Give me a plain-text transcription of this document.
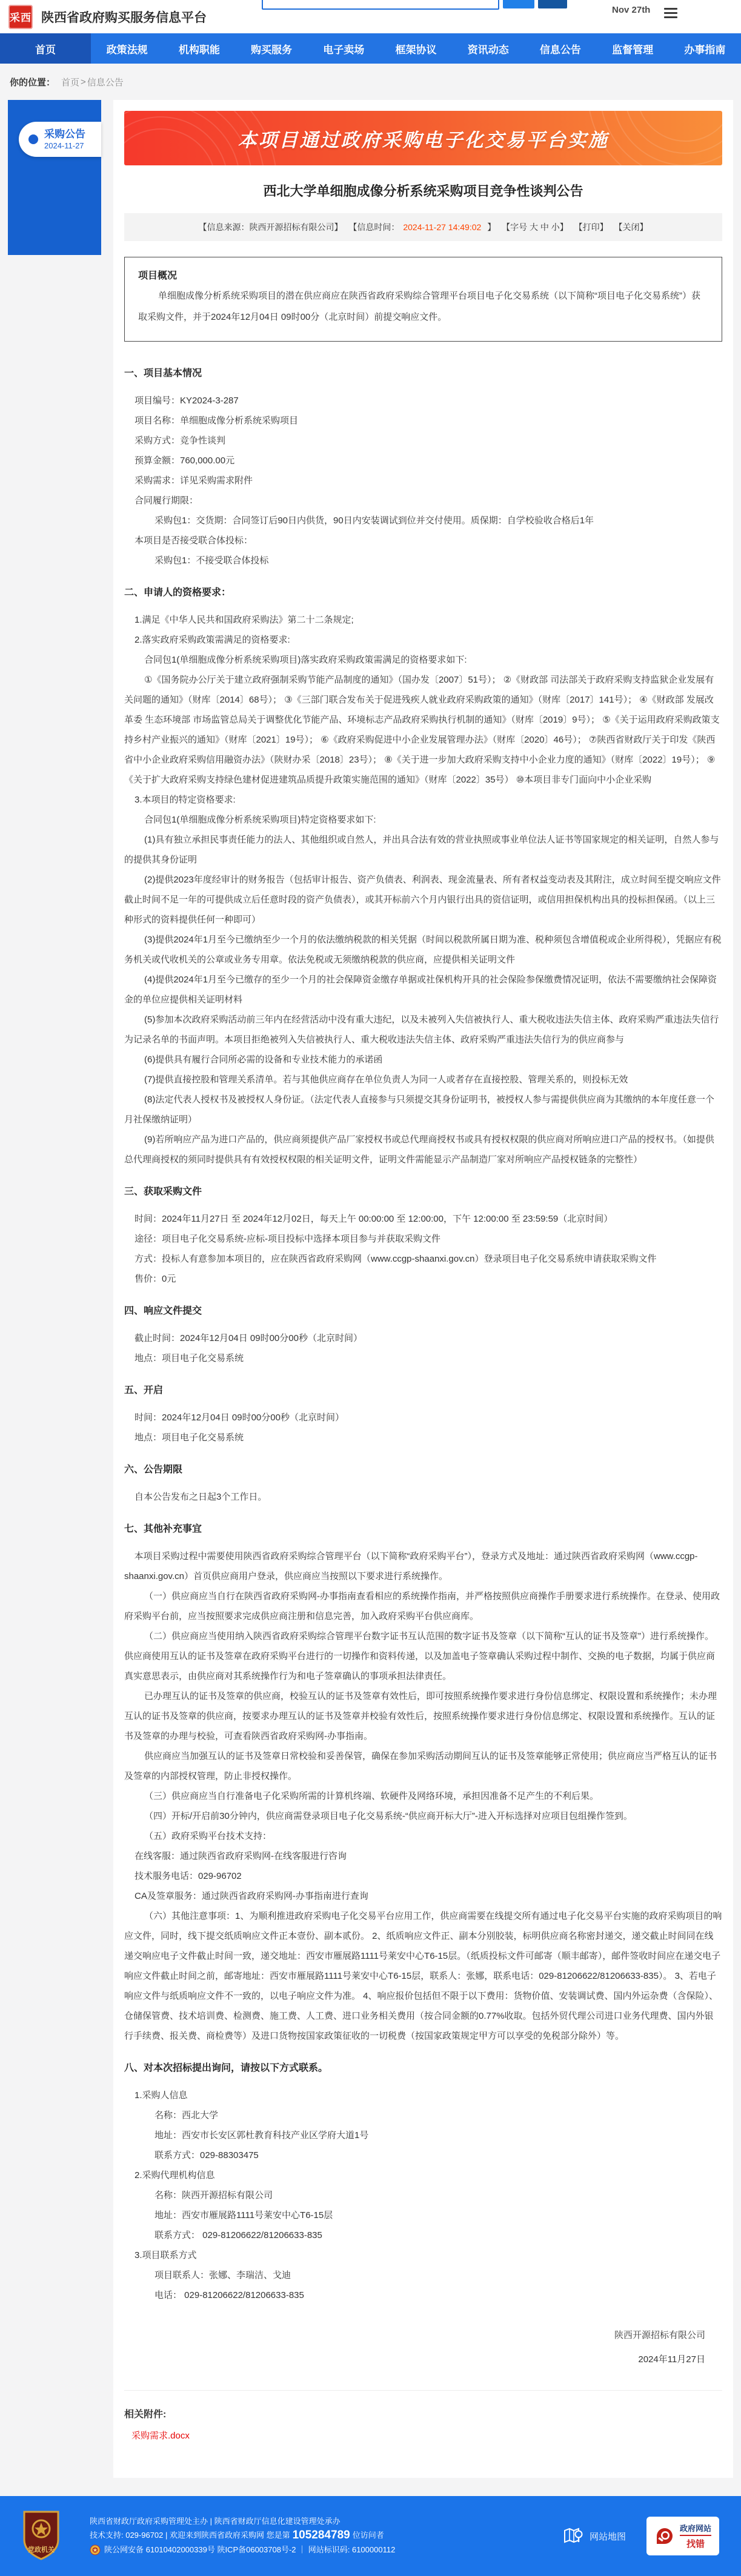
采西 陕西省政府购买服务信息平台
Nov 27th
首页	政策法规	机构职能	购买服务	电子卖场	框架协议	资讯动态	信息公告	监督管理	办事指南
你的位置： 首页 > 信息公告
采购公告
2024-11-27	本项目通过政府采购电子化交易平台实施
西北大学单细胞成像分析系统采购项目竞争性谈判公告
【信息来源：陕西开源招标有限公司】 【信息时间： 2024-11-27 14:49:02 】 【字号 大 中 小】 【打印】 【关闭】
项目概况

单细胞成像分析系统采购项目的潜在供应商应在陕西省政府采购综合管理平台项目电子化交易系统（以下简称“项目电子化交易系统”）获取采购文件，并于2024年12月04日 09时00分（北京时间）前提交响应文件。

一、项目基本情况

项目编号：KY2024-3-287

项目名称：单细胞成像分析系统采购项目

采购方式：竞争性谈判

预算金额：760,000.00元

采购需求：详见采购需求附件

合同履行期限：

采购包1：交货期：合同签订后90日内供货，90日内安装调试到位并交付使用。质保期：自学校验收合格后1年

本项目是否接受联合体投标：

采购包1：不接受联合体投标

二、申请人的资格要求：

1.满足《中华人民共和国政府采购法》第二十二条规定;

2.落实政府采购政策需满足的资格要求:

合同包1(单细胞成像分析系统采购项目)落实政府采购政策需满足的资格要求如下:

①《国务院办公厅关于建立政府强制采购节能产品制度的通知》（国办发〔2007〕51号）； ②《财政部 司法部关于政府采购支持监狱企业发展有关问题的通知》（财库〔2014〕68号）； ③《三部门联合发布关于促进残疾人就业政府采购政策的通知》（财库〔2017〕141号）； ④《财政部 发展改革委 生态环境部 市场监管总局关于调整优化节能产品、环境标志产品政府采购执行机制的通知》（财库〔2019〕9号）； ⑤《关于运用政府采购政策支持乡村产业振兴的通知》（财库〔2021〕19号）； ⑥《政府采购促进中小企业发展管理办法》（财库〔2020〕46号）； ⑦陕西省财政厅关于印发《陕西省中小企业政府采购信用融资办法》（陕财办采〔2018〕23号）； ⑧《关于进一步加大政府采购支持中小企业力度的通知》（财库〔2022〕19号）； ⑨《关于扩大政府采购支持绿色建材促进建筑品质提升政策实施范围的通知》（财库〔2022〕35号） ⑩本项目非专门面向中小企业采购

3.本项目的特定资格要求:

合同包1(单细胞成像分析系统采购项目)特定资格要求如下:

(1)具有独立承担民事责任能力的法人、其他组织或自然人，并出具合法有效的营业执照或事业单位法人证书等国家规定的相关证明，自然人参与的提供其身份证明

(2)提供2023年度经审计的财务报告（包括审计报告、资产负债表、利润表、现金流量表、所有者权益变动表及其附注，成立时间至提交响应文件截止时间不足一年的可提供成立后任意时段的资产负债表），或其开标前六个月内银行出具的资信证明，或信用担保机构出具的投标担保函。（以上三种形式的资料提供任何一种即可）

(3)提供2024年1月至今已缴纳至少一个月的依法缴纳税款的相关凭据（时间以税款所属日期为准、税种须包含增值税或企业所得税），凭据应有税务机关或代收机关的公章或业务专用章。依法免税或无须缴纳税款的供应商，应提供相关证明文件

(4)提供2024年1月至今已缴存的至少一个月的社会保障资金缴存单据或社保机构开具的社会保险参保缴费情况证明，依法不需要缴纳社会保障资金的单位应提供相关证明材料

(5)参加本次政府采购活动前三年内在经营活动中没有重大违纪，以及未被列入失信被执行人、重大税收违法失信主体、政府采购严重违法失信行为记录名单的书面声明。本项目拒绝被列入失信被执行人、重大税收违法失信主体、政府采购严重违法失信行为的供应商参与

(6)提供具有履行合同所必需的设备和专业技术能力的承诺函

(7)提供直接控股和管理关系清单。若与其他供应商存在单位负责人为同一人或者存在直接控股、管理关系的，则投标无效

(8)法定代表人授权书及被授权人身份证。（法定代表人直接参与只须提交其身份证明书，被授权人参与需提供供应商为其缴纳的本年度任意一个月社保缴纳证明）

(9)若所响应产品为进口产品的，供应商须提供产品厂家授权书或总代理商授权书或具有授权权限的供应商对所响应进口产品的授权书。（如提供总代理商授权的须同时提供具有有效授权权限的相关证明文件，证明文件需能显示产品制造厂家对所响应产品授权链条的完整性）

三、获取采购文件

时间：2024年11月27日 至 2024年12月02日，每天上午 00:00:00 至 12:00:00，下午 12:00:00 至 23:59:59（北京时间）

途径：项目电子化交易系统-应标-项目投标中选择本项目参与并获取采购文件

方式：投标人有意参加本项目的，应在陕西省政府采购网（www.ccgp-shaanxi.gov.cn）登录项目电子化交易系统申请获取采购文件

售价：0元

四、响应文件提交

截止时间：2024年12月04日 09时00分00秒（北京时间）

地点：项目电子化交易系统

五、开启

时间：2024年12月04日 09时00分00秒（北京时间）

地点：项目电子化交易系统

六、公告期限

自本公告发布之日起3个工作日。

七、其他补充事宜

本项目采购过程中需要使用陕西省政府采购综合管理平台（以下简称“政府采购平台”），登录方式及地址：通过陕西省政府采购网（www.ccgp-shaanxi.gov.cn）首页供应商用户登录，供应商应当按照以下要求进行系统操作。

（一）供应商应当自行在陕西省政府采购网-办事指南查看相应的系统操作指南，并严格按照供应商操作手册要求进行系统操作。在登录、使用政府采购平台前，应当按照要求完成供应商注册和信息完善，加入政府采购平台供应商库。

（二）供应商应当使用纳入陕西省政府采购综合管理平台数字证书互认范围的数字证书及签章（以下简称“互认的证书及签章”）进行系统操作。供应商使用互认的证书及签章在政府采购平台进行的一切操作和资料传递，以及加盖电子签章确认采购过程中制作、交换的电子数据，均属于供应商真实意思表示，由供应商对其系统操作行为和电子签章确认的事项承担法律责任。

已办理互认的证书及签章的供应商，校验互认的证书及签章有效性后，即可按照系统操作要求进行身份信息绑定、权限设置和系统操作；未办理互认的证书及签章的供应商，按要求办理互认的证书及签章并校验有效性后，按照系统操作要求进行身份信息绑定、权限设置和系统操作。互认的证书及签章的办理与校验，可查看陕西省政府采购网-办事指南。

供应商应当加强互认的证书及签章日常校验和妥善保管，确保在参加采购活动期间互认的证书及签章能够正常使用；供应商应当严格互认的证书及签章的内部授权管理，防止非授权操作。

（三）供应商应当自行准备电子化采购所需的计算机终端、软硬件及网络环境，承担因准备不足产生的不利后果。

（四）开标/开启前30分钟内，供应商需登录项目电子化交易系统-“供应商开标大厅”-进入开标选择对应项目包组操作签到。

（五）政府采购平台技术支持：

在线客服：通过陕西省政府采购网-在线客服进行咨询

技术服务电话：029-96702

CA及签章服务：通过陕西省政府采购网-办事指南进行查询

（六）其他注意事项：1、为顺利推进政府采购电子化交易平台应用工作，供应商需要在线提交所有通过电子化交易平台实施的政府采购项目的响应文件，同时，线下提交纸质响应文件正本壹份、副本贰份。 2、纸质响应文件正、副本分别胶装，标明供应商名称密封递交，递交截止时间同在线递交响应电子文件截止时间一致，递交地址：西安市雁展路1111号莱安中心T6-15层。（纸质投标文件可邮寄（顺丰邮寄），邮件签收时间应在递交电子响应文件截止时间之前，邮寄地址：西安市雁展路1111号莱安中心T6-15层，联系人：张娜，联系电话：029-81206622/81206633-835）。 3、若电子响应文件与纸质响应文件不一致的，以电子响应文件为准。 4、响应报价包括但不限于以下费用：货物价值、安装调试费、国内外运杂费（含保险）、仓储保管费、技术培训费、检测费、施工费、人工费、进口业务相关费用（按合同金额的0.77%收取。包括外贸代理公司进口业务代理费、国内外银行手续费、报关费、商检费等）及进口货物按国家政策征收的一切税费（按国家政策规定甲方可以享受的免税部分除外）等。

八、对本次招标提出询问，请按以下方式联系。

1.采购人信息

名称：西北大学

地址：西安市长安区郭杜教育科技产业区学府大道1号

联系方式：029-88303475

2.采购代理机构信息

名称：陕西开源招标有限公司

地址：西安市雁展路1111号莱安中心T6-15层

联系方式： 029-81206622/81206633-835

3.项目联系方式

项目联系人：张娜、李瑞洁、戈迪

电话： 029-81206622/81206633-835

陕西开源招标有限公司
2024年11月27日
相关附件:
采购需求.docx
党政机关
陕西省财政厅政府采购管理处主办 | 陕西省财政厅信息化建设管理处承办
技术支持: 029-96702 | 欢迎来到陕西省政府采购网 您是第 105284789 位访问者
陕公网安备 61010402000339号 陕ICP备06003708号-2 ｜ 网站标识码: 6100000112
网站地图
政府网站
找错
